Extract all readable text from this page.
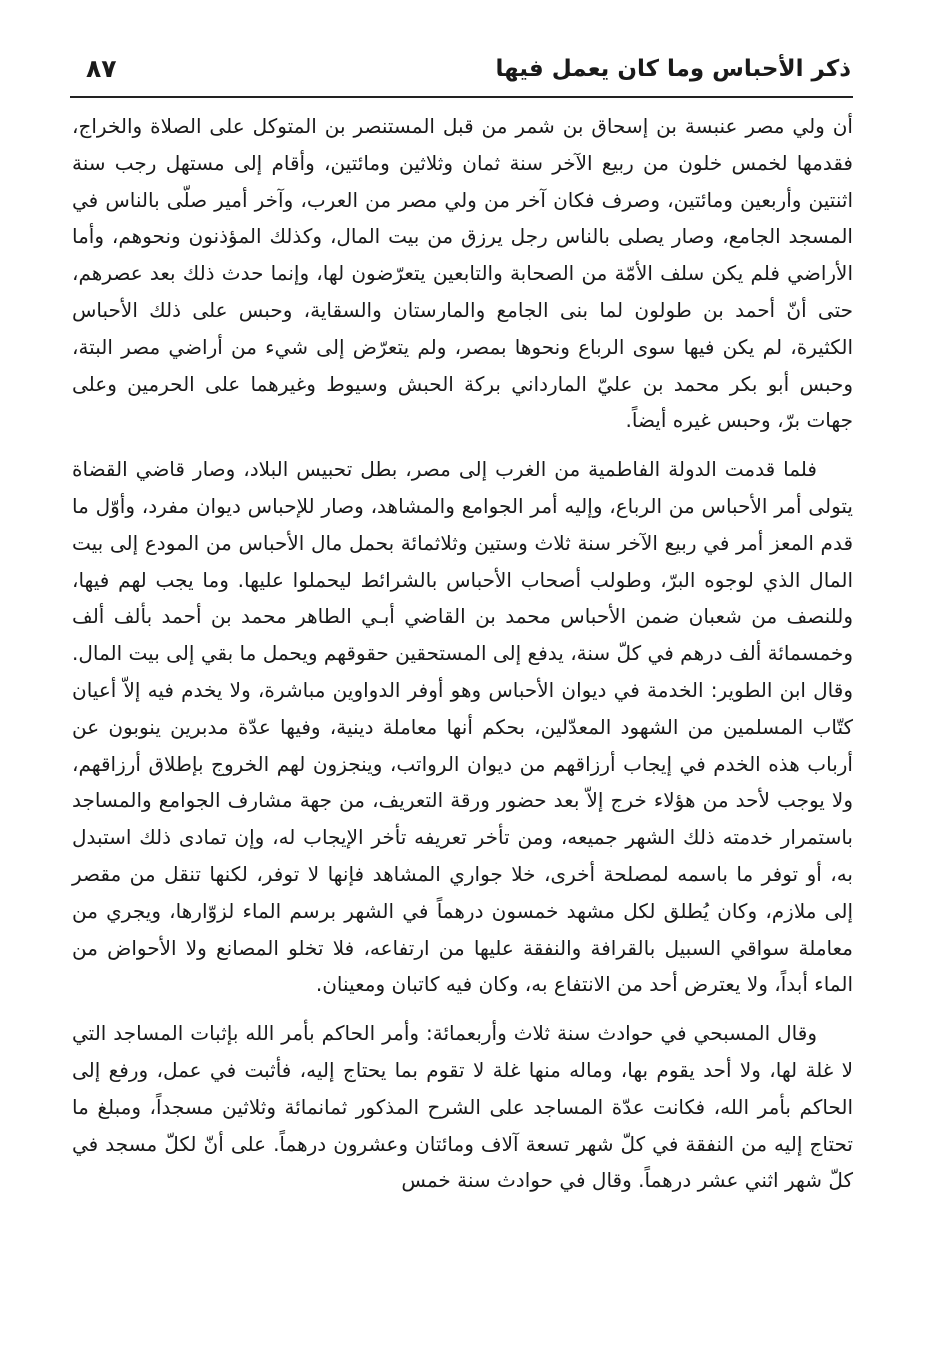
ذكر الأحباس وما كان يعمل فيها
٨٧

أن ولي مصر عنبسة بن إسحاق بن شمر من قبل المستنصر بن المتوكل على الصلاة والخراج، فقدمها لخمس خلون من ربيع الآخر سنة ثمان وثلاثين ومائتين، وأقام إلى مستهل رجب سنة اثنتين وأربعين ومائتين، وصرف فكان آخر من ولي مصر من العرب، وآخر أمير صلّى بالناس في المسجد الجامع، وصار يصلى بالناس رجل يرزق من بيت المال، وكذلك المؤذنون ونحوهم، وأما الأراضي فلم يكن سلف الأمّة من الصحابة والتابعين يتعرّضون لها، وإنما حدث ذلك بعد عصرهم، حتى أنّ أحمد بن طولون لما بنى الجامع والمارستان والسقاية، وحبس على ذلك الأحباس الكثيرة، لم يكن فيها سوى الرباع ونحوها بمصر، ولم يتعرّض إلى شيء من أراضي مصر البتة، وحبس أبو بكر محمد بن عليّ المارداني بركة الحبش وسيوط وغيرهما على الحرمين وعلى جهات برّ، وحبس غيره أيضاً.

فلما قدمت الدولة الفاطمية من الغرب إلى مصر، بطل تحبيس البلاد، وصار قاضي القضاة يتولى أمر الأحباس من الرباع، وإليه أمر الجوامع والمشاهد، وصار للإحباس ديوان مفرد، وأوّل ما قدم المعز أمر في ربيع الآخر سنة ثلاث وستين وثلاثمائة بحمل مال الأحباس من المودع إلى بيت المال الذي لوجوه البرّ، وطولب أصحاب الأحباس بالشرائط ليحملوا عليها. وما يجب لهم فيها، وللنصف من شعبان ضمن الأحباس محمد بن القاضي أبـي الطاهر محمد بن أحمد بألف ألف وخمسمائة ألف درهم في كلّ سنة، يدفع إلى المستحقين حقوقهم ويحمل ما بقي إلى بيت المال. وقال ابن الطوير: الخدمة في ديوان الأحباس وهو أوفر الدواوين مباشرة، ولا يخدم فيه إلاّ أعيان كتّاب المسلمين من الشهود المعدّلين، بحكم أنها معاملة دينية، وفيها عدّة مدبرين ينوبون عن أرباب هذه الخدم في إيجاب أرزاقهم من ديوان الرواتب، وينجزون لهم الخروج بإطلاق أرزاقهم، ولا يوجب لأحد من هؤلاء خرج إلاّ بعد حضور ورقة التعريف، من جهة مشارف الجوامع والمساجد باستمرار خدمته ذلك الشهر جميعه، ومن تأخر تعريفه تأخر الإيجاب له، وإن تمادى ذلك استبدل به، أو توفر ما باسمه لمصلحة أخرى، خلا جواري المشاهد فإنها لا توفر، لكنها تنقل من مقصر إلى ملازم، وكان يُطلق لكل مشهد خمسون درهماً في الشهر برسم الماء لزوّارها، ويجري من معاملة سواقي السبيل بالقرافة والنفقة عليها من ارتفاعه، فلا تخلو المصانع ولا الأحواض من الماء أبداً، ولا يعترض أحد من الانتفاع به، وكان فيه كاتبان ومعينان.

وقال المسبحي في حوادث سنة ثلاث وأربعمائة: وأمر الحاكم بأمر الله بإثبات المساجد التي لا غلة لها، ولا أحد يقوم بها، وماله منها غلة لا تقوم بما يحتاج إليه، فأثبت في عمل، ورفع إلى الحاكم بأمر الله، فكانت عدّة المساجد على الشرح المذكور ثمانمائة وثلاثين مسجداً، ومبلغ ما تحتاج إليه من النفقة في كلّ شهر تسعة آلاف ومائتان وعشرون درهماً. على أنّ لكلّ مسجد في كلّ شهر اثني عشر درهماً. وقال في حوادث سنة خمس
